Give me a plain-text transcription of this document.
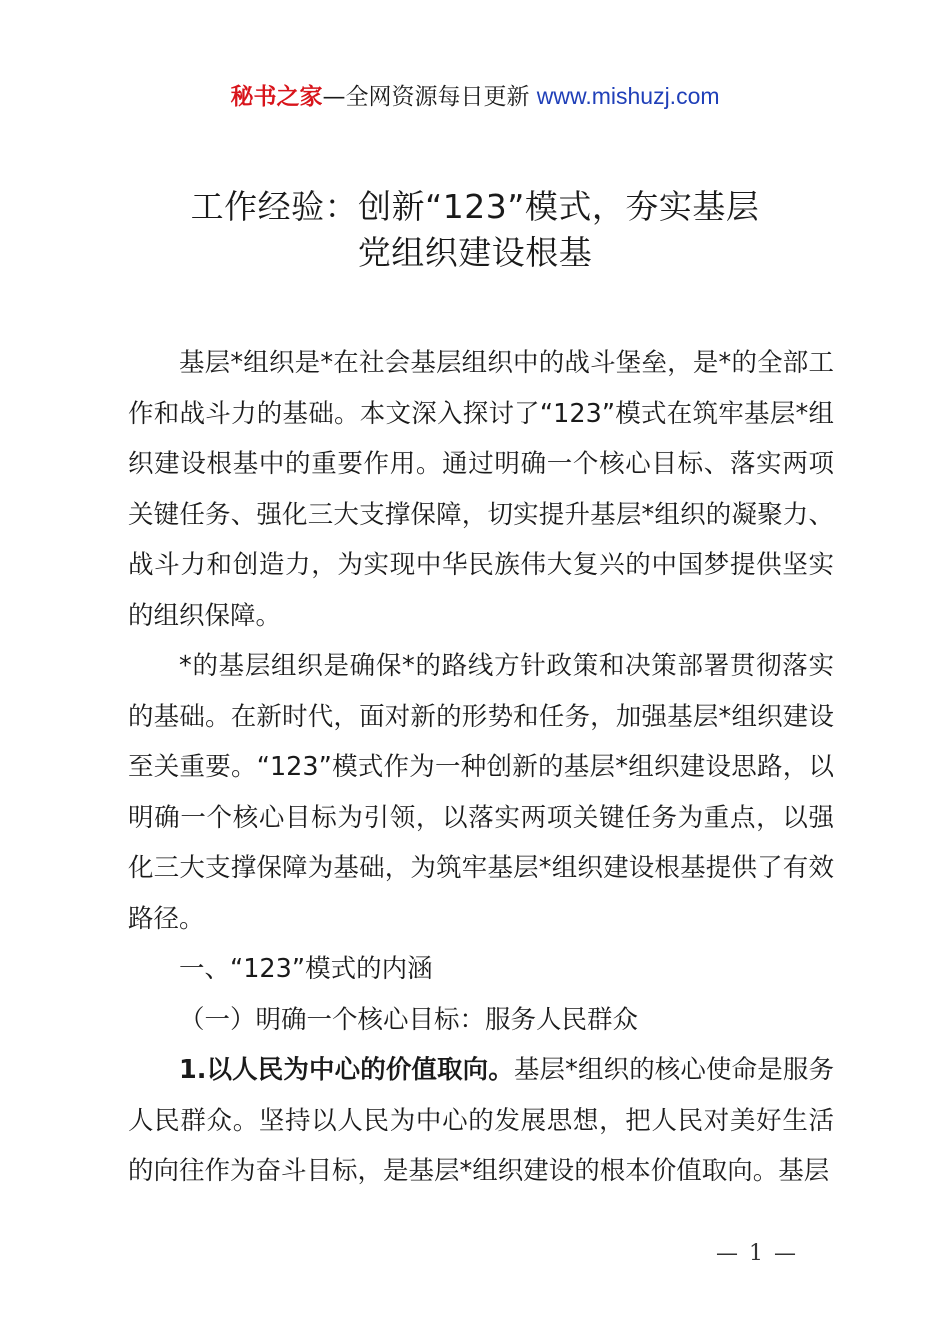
秘书之家—全网资源每日更新 www.mishuzj.com
工作经验：创新“123”模式，夯实基层
党组织建设根基

基层*组织是*在社会基层组织中的战斗堡垒，是*的全部工作和战斗力的基础。本文深入探讨了“123”模式在筑牢基层*组织建设根基中的重要作用。通过明确一个核心目标、落实两项关键任务、强化三大支撑保障，切实提升基层*组织的凝聚力、战斗力和创造力，为实现中华民族伟大复兴的中国梦提供坚实的组织保障。

*的基层组织是确保*的路线方针政策和决策部署贯彻落实的基础。在新时代，面对新的形势和任务，加强基层*组织建设至关重要。“123”模式作为一种创新的基层*组织建设思路，以明确一个核心目标为引领，以落实两项关键任务为重点，以强化三大支撑保障为基础，为筑牢基层*组织建设根基提供了有效路径。

一、“123”模式的内涵

（一）明确一个核心目标：服务人民群众

1.以人民为中心的价值取向。基层*组织的核心使命是服务人民群众。坚持以人民为中心的发展思想，把人民对美好生活的向往作为奋斗目标，是基层*组织建设的根本价值取向。基层

— 1 —
